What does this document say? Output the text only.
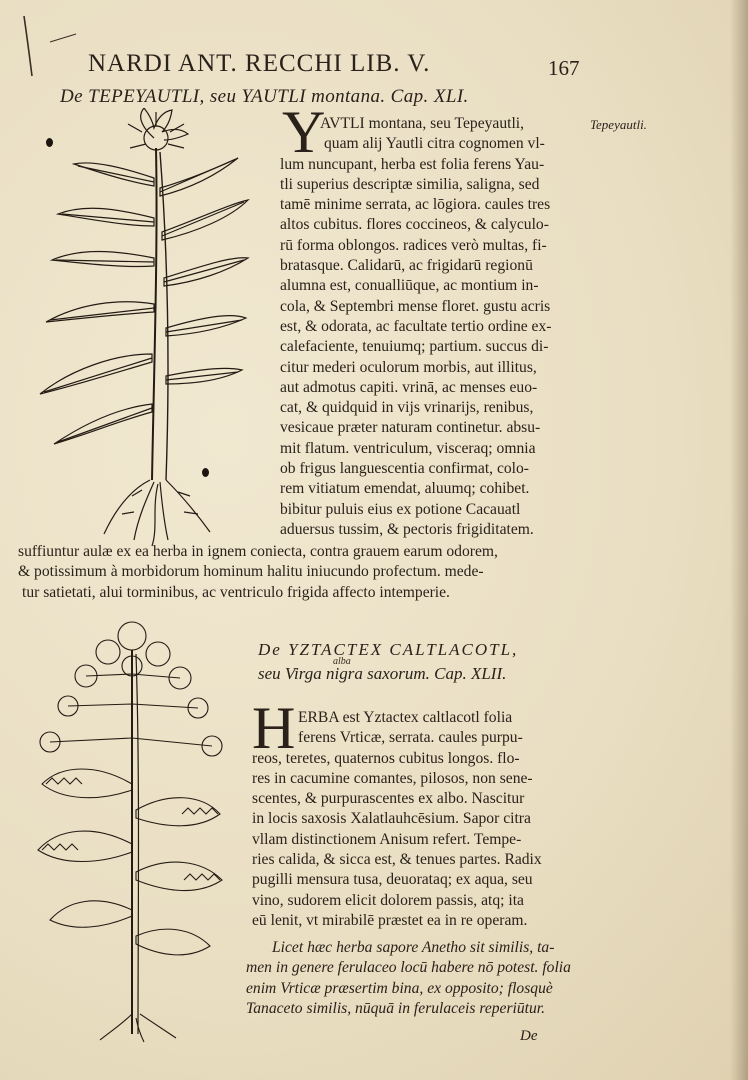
NARDI ANT. RECCHI LIB. V.	167
De TEPEYAUTLI, seu YAUTLI montana. Cap. XLI.
Tepeyautli.
Y
AVTLI montana, seu Tepeyautli,
quam alij Yautli citra cognomen vl-
lum nuncupant, herba est folia ferens Yau-
tli superius descriptæ similia, saligna, sed
tamē minime serrata, ac lōgiora. caules tres
altos cubitus. flores coccineos, & calyculo-
rū forma oblongos. radices verò multas, fi-
bratasque. Calidarū, ac frigidarū regionū
alumna est, conualliūque, ac montium in-
cola, & Septembri mense floret. gustu acris
est, & odorata, ac facultate tertio ordine ex-
calefaciente, tenuiumq; partium. succus di-
citur mederi oculorum morbis, aut illitus,
aut admotus capiti. vrinā, ac menses euo-
cat, & quidquid in vijs vrinarijs, renibus,
vesicaue præter naturam continetur. absu-
mit flatum. ventriculum, visceraq; omnia
ob frigus languescentia confirmat, colo-
rem vitiatum emendat, aluumq; cohibet.
bibitur puluis eius ex potione Cacauatl
aduersus tussim, & pectoris frigiditatem.
suffiuntur aulæ ex ea herba in ignem coniecta, contra grauem earum odorem,
& potissimum à morbidorum hominum halitu iniucundo profectum. mede-
tur satietati, alui torminibus, ac ventriculo frigida affecto intemperie.
De YZTACTEX CALTLACOTL,
alba
seu Virga nigra saxorum. Cap. XLII.
H ERBA est Yztactex caltlacotl folia
ferens Vrticæ, serrata. caules purpu-
reos, teretes, quaternos cubitus longos. flo-
res in cacumine comantes, pilosos, non sene-
scentes, & purpurascentes ex albo. Nascitur
in locis saxosis Xalatlauhcēsium. Sapor citra
vllam distinctionem Anisum refert. Tempe-
ries calida, & sicca est, & tenues partes. Radix
pugilli mensura tusa, deuorataq; ex aqua, seu
vino, sudorem elicit dolorem passis, atq; ita
eū lenit, vt mirabilē præstet ea in re operam.
Licet hæc herba sapore Anetho sit similis, ta-
men in genere ferulaceo locū habere nō potest. folia
enim Vrticæ præsertim bina, ex opposito; flosquè
Tanaceto similis, nūquā in ferulaceis reperiūtur.
De
